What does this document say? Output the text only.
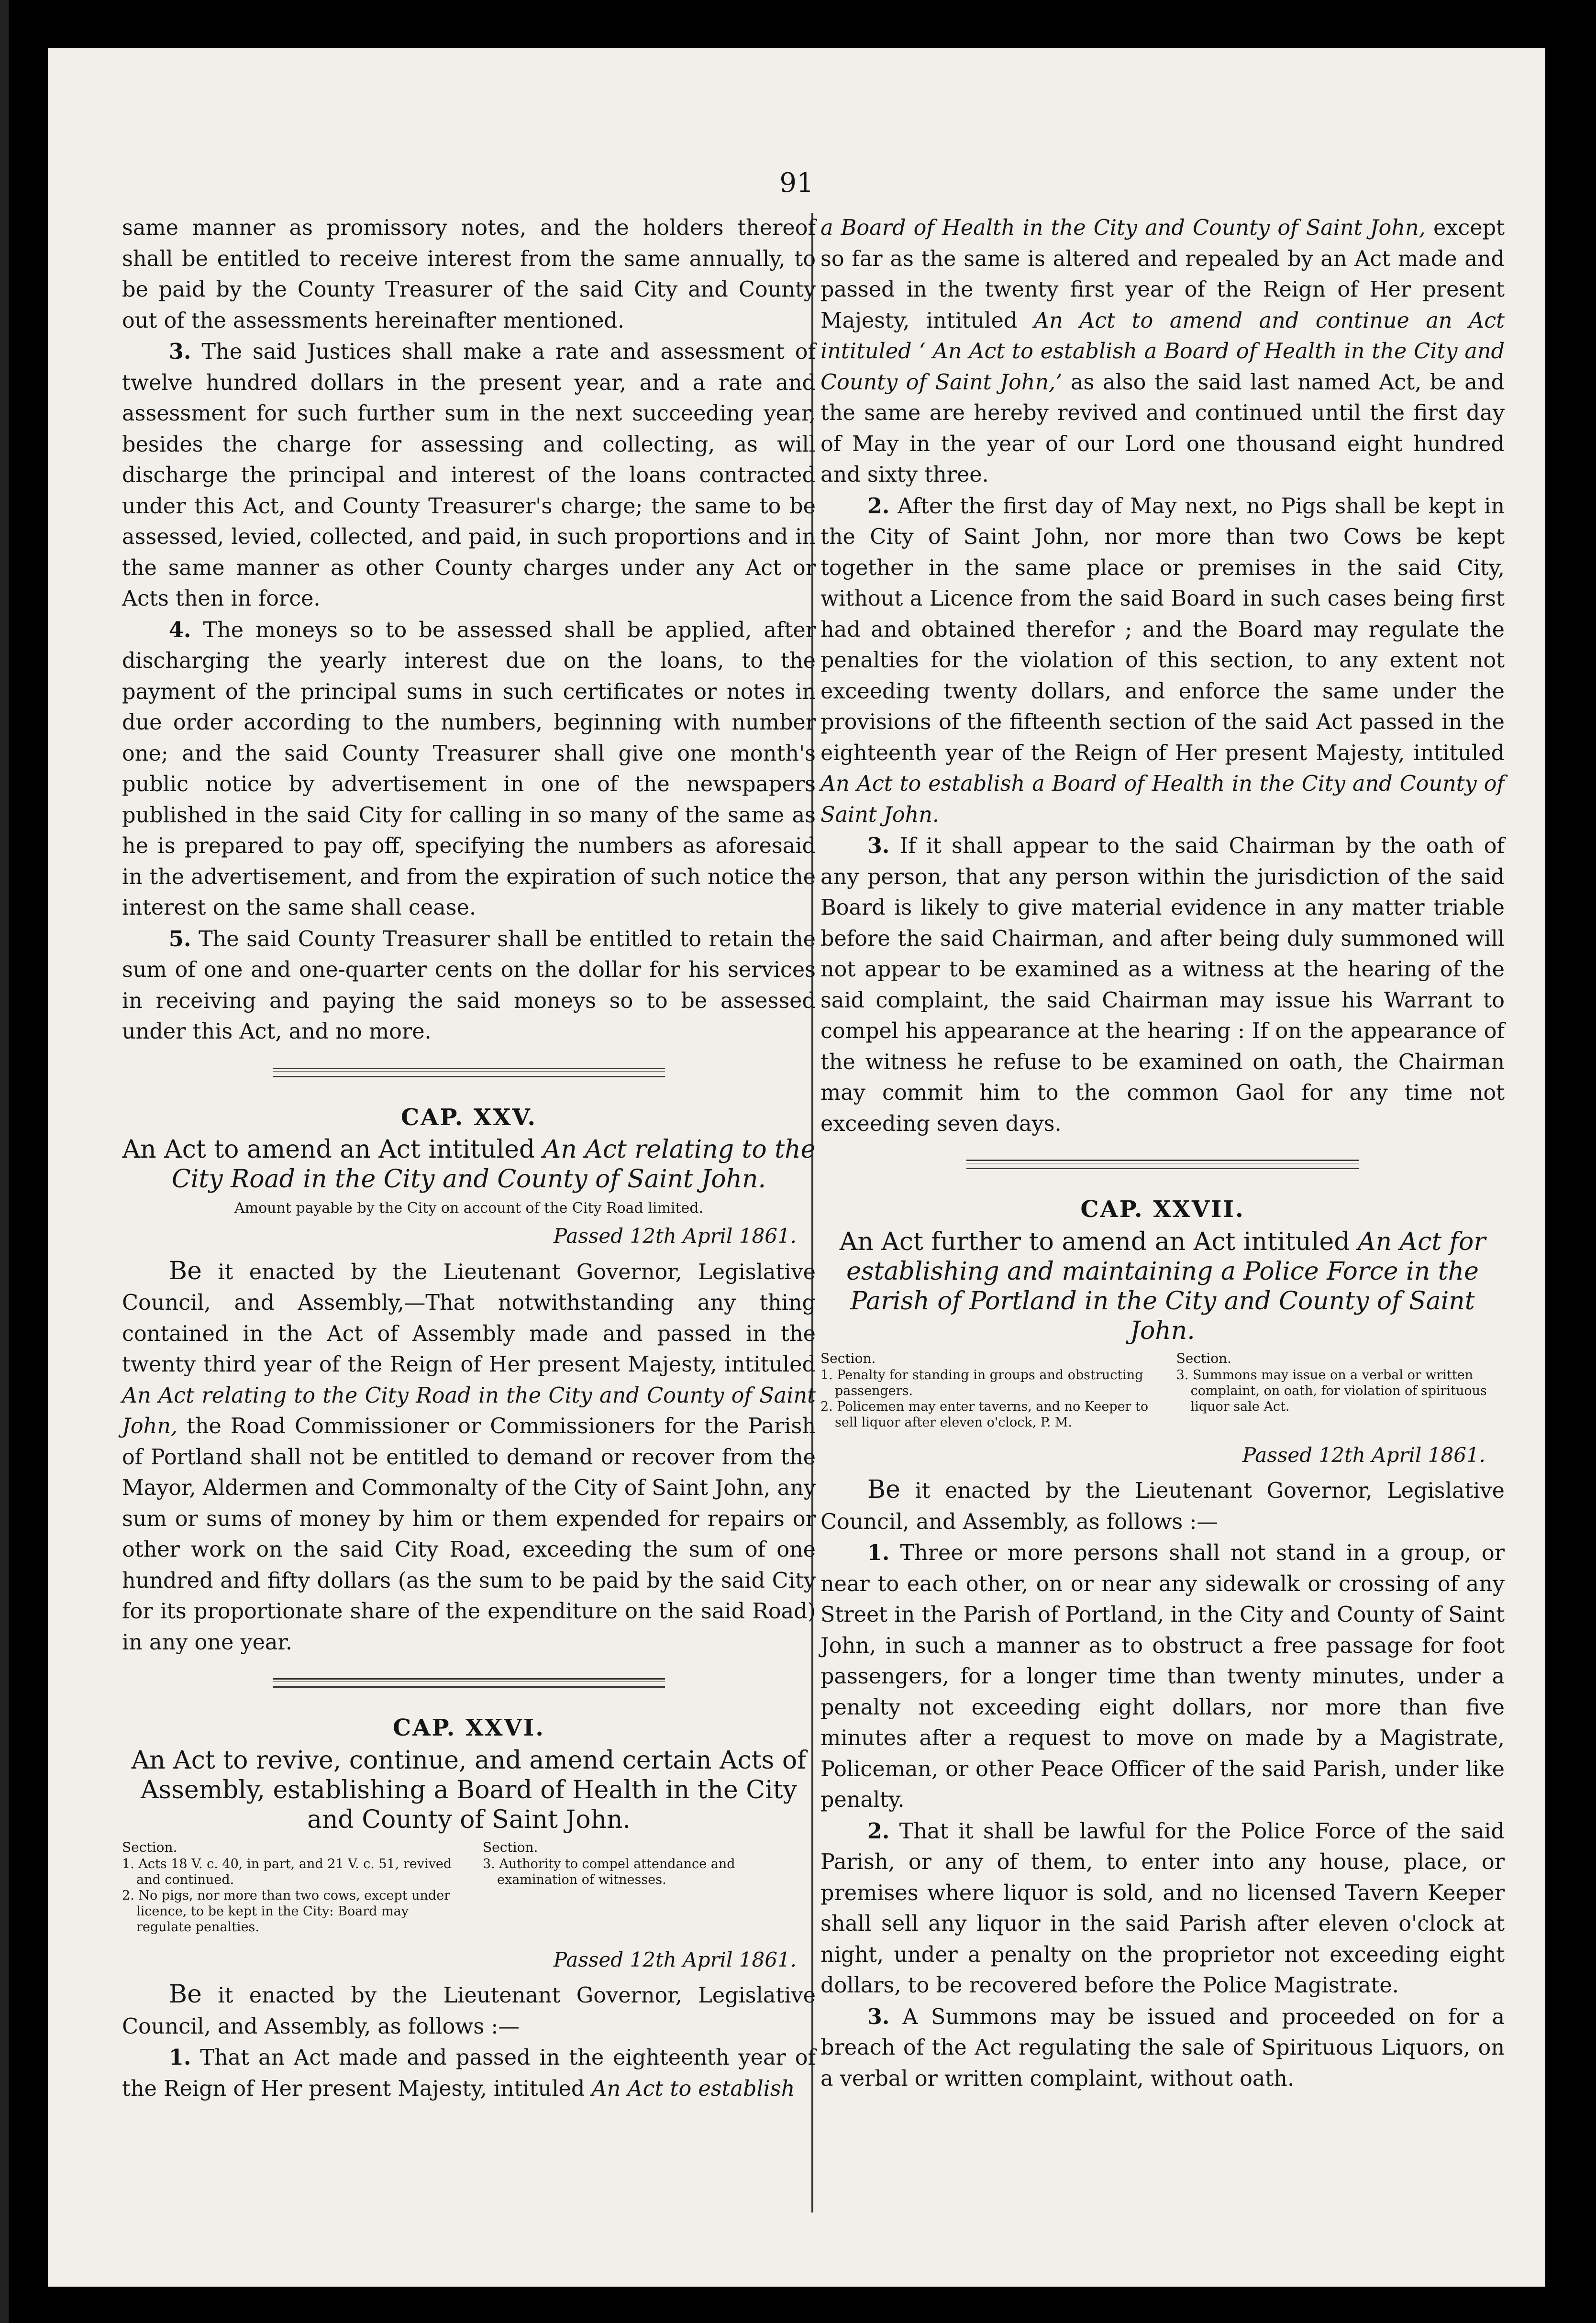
91

same manner as promissory notes, and the holders thereof shall be entitled to receive interest from the same annually, to be paid by the County Treasurer of the said City and County out of the assessments hereinafter mentioned.

3. The said Justices shall make a rate and assessment of twelve hundred dollars in the present year, and a rate and assessment for such further sum in the next succeeding year, besides the charge for assessing and collecting, as will discharge the principal and interest of the loans contracted under this Act, and County Treasurer's charge; the same to be assessed, levied, collected, and paid, in such proportions and in the same manner as other County charges under any Act or Acts then in force.

4. The moneys so to be assessed shall be applied, after discharging the yearly interest due on the loans, to the payment of the principal sums in such certificates or notes in due order according to the numbers, beginning with number one; and the said County Treasurer shall give one month's public notice by advertisement in one of the newspapers published in the said City for calling in so many of the same as he is prepared to pay off, specifying the numbers as aforesaid in the advertisement, and from the expiration of such notice the interest on the same shall cease.

5. The said County Treasurer shall be entitled to retain the sum of one and one-quarter cents on the dollar for his services in receiving and paying the said moneys so to be assessed under this Act, and no more.

CAP. XXV.
An Act to amend an Act intituled An Act relating to the City Road in the City and County of Saint John.
Amount payable by the City on account of the City Road limited.
Passed 12th April 1861.

Be it enacted by the Lieutenant Governor, Legislative Council, and Assembly,—That notwithstanding any thing contained in the Act of Assembly made and passed in the twenty third year of the Reign of Her present Majesty, intituled An Act relating to the City Road in the City and County of Saint John, the Road Commissioner or Commissioners for the Parish of Portland shall not be entitled to demand or recover from the Mayor, Aldermen and Commonalty of the City of Saint John, any sum or sums of money by him or them expended for repairs or other work on the said City Road, exceeding the sum of one hundred and fifty dollars (as the sum to be paid by the said City for its proportionate share of the expenditure on the said Road) in any one year.

CAP. XXVI.
An Act to revive, continue, and amend certain Acts of Assembly, establishing a Board of Health in the City and County of Saint John.
Section.
1. Acts 18 V. c. 40, in part, and 21 V. c. 51, revived and continued.
2. No pigs, nor more than two cows, except under licence, to be kept in the City: Board may regulate penalties.
Section.
3. Authority to compel attendance and examination of witnesses.
Passed 12th April 1861.

Be it enacted by the Lieutenant Governor, Legislative Council, and Assembly, as follows :—

1. That an Act made and passed in the eighteenth year of the Reign of Her present Majesty, intituled An Act to establish

a Board of Health in the City and County of Saint John, except so far as the same is altered and repealed by an Act made and passed in the twenty first year of the Reign of Her present Majesty, intituled An Act to amend and continue an Act intituled ‘ An Act to establish a Board of Health in the City and County of Saint John,’ as also the said last named Act, be and the same are hereby revived and continued until the first day of May in the year of our Lord one thousand eight hundred and sixty three.

2. After the first day of May next, no Pigs shall be kept in the City of Saint John, nor more than two Cows be kept together in the same place or premises in the said City, without a Licence from the said Board in such cases being first had and obtained therefor ; and the Board may regulate the penalties for the violation of this section, to any extent not exceeding twenty dollars, and enforce the same under the provisions of the fifteenth section of the said Act passed in the eighteenth year of the Reign of Her present Majesty, intituled An Act to establish a Board of Health in the City and County of Saint John.

3. If it shall appear to the said Chairman by the oath of any person, that any person within the jurisdiction of the said Board is likely to give material evidence in any matter triable before the said Chairman, and after being duly summoned will not appear to be examined as a witness at the hearing of the said complaint, the said Chairman may issue his Warrant to compel his appearance at the hearing : If on the appearance of the witness he refuse to be examined on oath, the Chairman may commit him to the common Gaol for any time not exceeding seven days.

CAP. XXVII.
An Act further to amend an Act intituled An Act for establishing and maintaining a Police Force in the Parish of Portland in the City and County of Saint John.
Section.
1. Penalty for standing in groups and obstructing passengers.
2. Policemen may enter taverns, and no Keeper to sell liquor after eleven o'clock, P. M.
Section.
3. Summons may issue on a verbal or written complaint, on oath, for violation of spirituous liquor sale Act.
Passed 12th April 1861.

Be it enacted by the Lieutenant Governor, Legislative Council, and Assembly, as follows :—

1. Three or more persons shall not stand in a group, or near to each other, on or near any sidewalk or crossing of any Street in the Parish of Portland, in the City and County of Saint John, in such a manner as to obstruct a free passage for foot passengers, for a longer time than twenty minutes, under a penalty not exceeding eight dollars, nor more than five minutes after a request to move on made by a Magistrate, Policeman, or other Peace Officer of the said Parish, under like penalty.

2. That it shall be lawful for the Police Force of the said Parish, or any of them, to enter into any house, place, or premises where liquor is sold, and no licensed Tavern Keeper shall sell any liquor in the said Parish after eleven o'clock at night, under a penalty on the proprietor not exceeding eight dollars, to be recovered before the Police Magistrate.

3. A Summons may be issued and proceeded on for a breach of the Act regulating the sale of Spirituous Liquors, on a verbal or written complaint, without oath.
